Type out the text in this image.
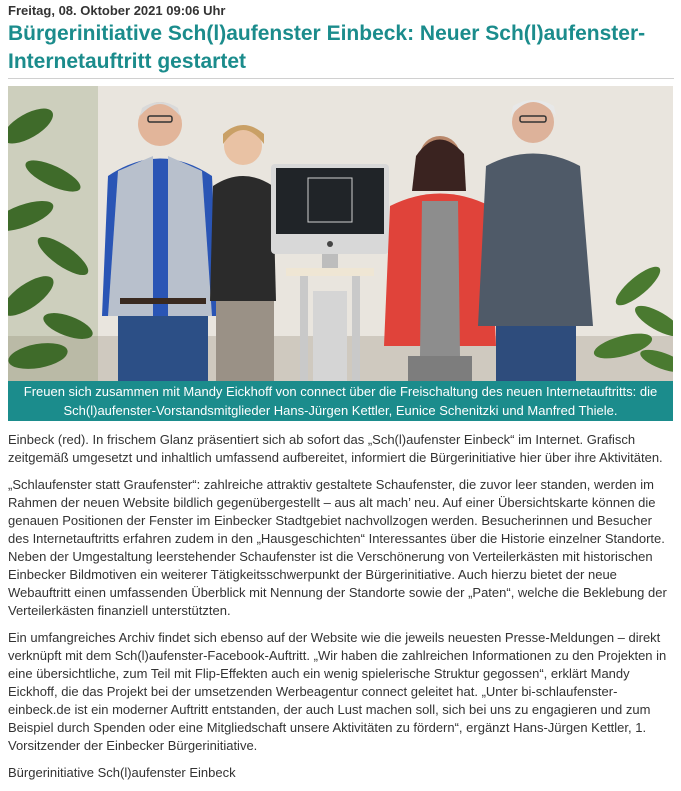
Freitag, 08. Oktober 2021 09:06 Uhr
Bürgerinitiative Sch(l)aufenster Einbeck: Neuer Sch(l)aufenster-Internetauftritt gestartet
Freuen sich zusammen mit Mandy Eickhoff von connect über die Freischaltung des neuen Internetauftritts: die Sch(l)aufenster-Vorstandsmitglieder Hans-Jürgen Kettler, Eunice Schenitzki und Manfred Thiele.

Einbeck (red). In frischem Glanz präsentiert sich ab sofort das „Sch(l)aufenster Einbeck“ im Internet. Grafisch zeitgemäß umgesetzt und inhaltlich umfassend aufbereitet, informiert die Bürgerinitiative hier über ihre Aktivitäten.

„Schlaufenster statt Graufenster“: zahlreiche attraktiv gestaltete Schaufenster, die zuvor leer standen, werden im Rahmen der neuen Website bildlich gegenübergestellt – aus alt mach’ neu. Auf einer Übersichtskarte können die genauen Positionen der Fenster im Einbecker Stadtgebiet nachvollzogen werden. Besucherinnen und Besucher des Internetauftritts erfahren zudem in den „Hausgeschichten“ Interessantes über die Historie einzelner Standorte. Neben der Umgestaltung leerstehender Schaufenster ist die Verschönerung von Verteilerkästen mit historischen Einbecker Bildmotiven ein weiterer Tätigkeitsschwerpunkt der Bürgerinitiative. Auch hierzu bietet der neue Webauftritt einen umfassenden Überblick mit Nennung der Standorte sowie der „Paten“, welche die Beklebung der Verteilerkästen finanziell unterstützten.

Ein umfangreiches Archiv findet sich ebenso auf der Website wie die jeweils neuesten Presse-Meldungen – direkt verknüpft mit dem Sch(l)aufenster-Facebook-Auftritt. „Wir haben die zahlreichen Informationen zu den Projekten in eine übersichtliche, zum Teil mit Flip-Effekten auch ein wenig spielerische Struktur gegossen“, erklärt Mandy Eickhoff, die das Projekt bei der umsetzenden Werbeagentur connect geleitet hat. „Unter bi-schlaufenster-einbeck.de ist ein moderner Auftritt entstanden, der auch Lust machen soll, sich bei uns zu engagieren und zum Beispiel durch Spenden oder eine Mitgliedschaft unsere Aktivitäten zu fördern“, ergänzt Hans-Jürgen Kettler, 1. Vorsitzender der Einbecker Bürgerinitiative.

Bürgerinitiative Sch(l)aufenster Einbeck
